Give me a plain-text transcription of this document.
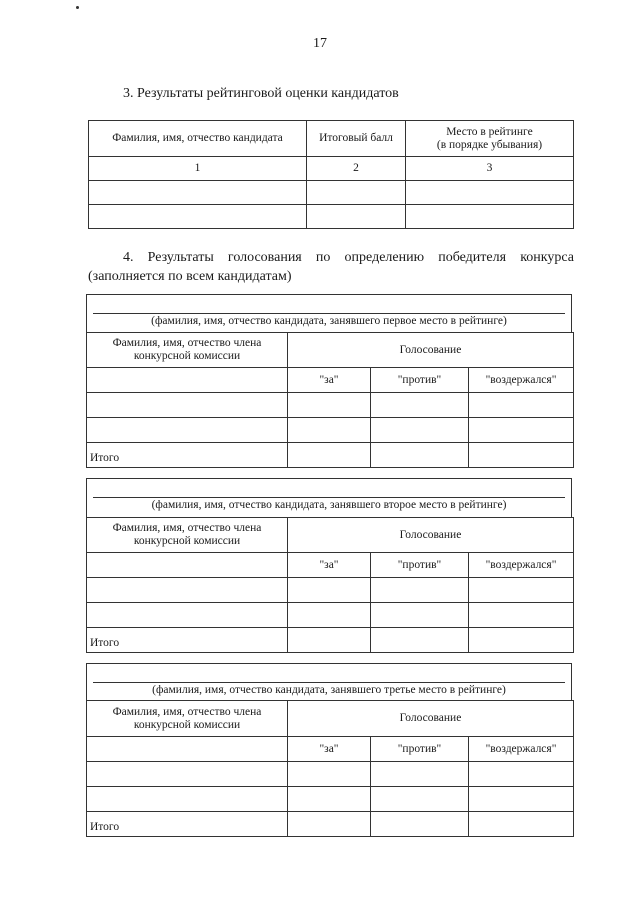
17
3. Результаты рейтинговой оценки кандидатов
Фамилия, имя, отчество кандидата	Итоговый балл	Место в рейтинге
(в порядке убывания)

1	2	3

4. Результаты голосования по определению победителя конкурса (заполняется по всем кандидатам)
(фамилия, имя, отчество кандидата, занявшего первое место в рейтинге)
Фамилия, имя, отчество члена конкурсной комиссии	Голосование		
	"за"	"против"	"воздержался"

Итого			
(фамилия, имя, отчество кандидата, занявшего второе место в рейтинге)
Фамилия, имя, отчество члена конкурсной комиссии	Голосование		
	"за"	"против"	"воздержался"

Итого			
(фамилия, имя, отчество кандидата, занявшего третье место в рейтинге)
Фамилия, имя, отчество члена конкурсной комиссии	Голосование		
	"за"	"против"	"воздержался"

Итого			
